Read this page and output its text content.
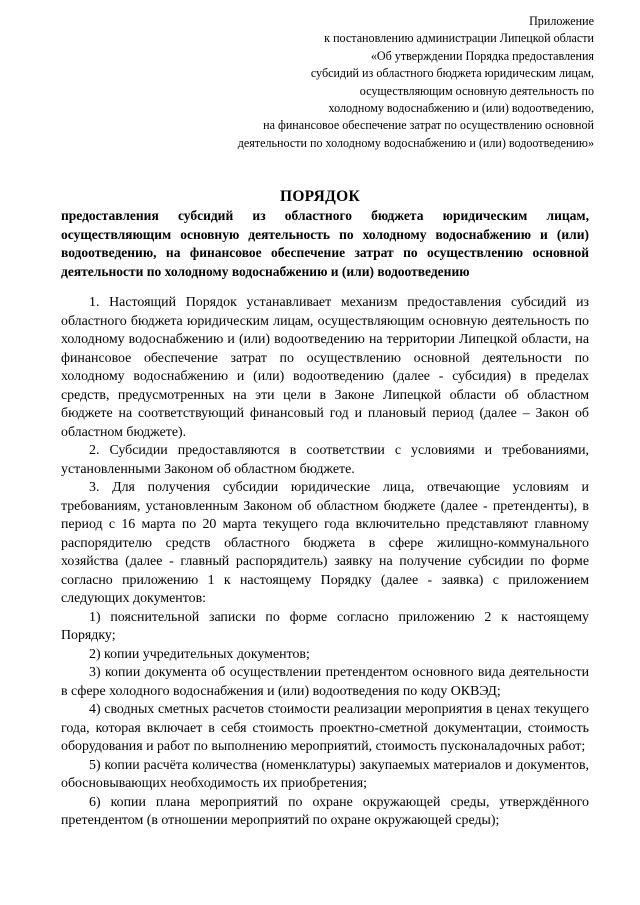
Приложение
к постановлению администрации Липецкой области
«Об утверждении Порядка предоставления
субсидий из областного бюджета юридическим лицам,
осуществляющим основную деятельность по
холодному водоснабжению и (или) водоотведению,
на финансовое обеспечение затрат по осуществлению основной
деятельности по холодному водоснабжению и (или) водоотведению»
ПОРЯДОК
предоставления субсидий из областного бюджета юридическим лицам, осуществляющим основную деятельность по холодному водоснабжению и (или) водоотведению, на финансовое обеспечение затрат по осуществлению основной деятельности по холодному водоснабжению и (или) водоотведению

1. Настоящий Порядок устанавливает механизм предоставления субсидий из областного бюджета юридическим лицам, осуществляющим основную деятельность по холодному водоснабжению и (или) водоотведению на территории Липецкой области, на финансовое обеспечение затрат по осуществлению основной деятельности по холодному водоснабжению и (или) водоотведению (далее - субсидия) в пределах средств, предусмотренных на эти цели в Законе Липецкой области об областном бюджете на соответствующий финансовый год и плановый период (далее – Закон об областном бюджете).

2. Субсидии предоставляются в соответствии с условиями и требованиями, установленными Законом об областном бюджете.

3. Для получения субсидии юридические лица, отвечающие условиям и требованиям, установленным Законом об областном бюджете (далее - претенденты), в период с 16 марта по 20 марта текущего года включительно представляют главному распорядителю средств областного бюджета в сфере жилищно-коммунального хозяйства (далее - главный распорядитель) заявку на получение субсидии по форме согласно приложению 1 к настоящему Порядку (далее - заявка) с приложением следующих документов:

1) пояснительной записки по форме согласно приложению 2 к настоящему Порядку;

2) копии учредительных документов;

3) копии документа об осуществлении претендентом основного вида деятельности в сфере холодного водоснабжения и (или) водоотведения по коду ОКВЭД;

4) сводных сметных расчетов стоимости реализации мероприятия в ценах текущего года, которая включает в себя стоимость проектно-сметной документации, стоимость оборудования и работ по выполнению мероприятий, стоимость пусконаладочных работ;

5) копии расчёта количества (номенклатуры) закупаемых материалов и документов, обосновывающих необходимость их приобретения;

6) копии плана мероприятий по охране окружающей среды, утверждённого претендентом (в отношении мероприятий по охране окружающей среды);
